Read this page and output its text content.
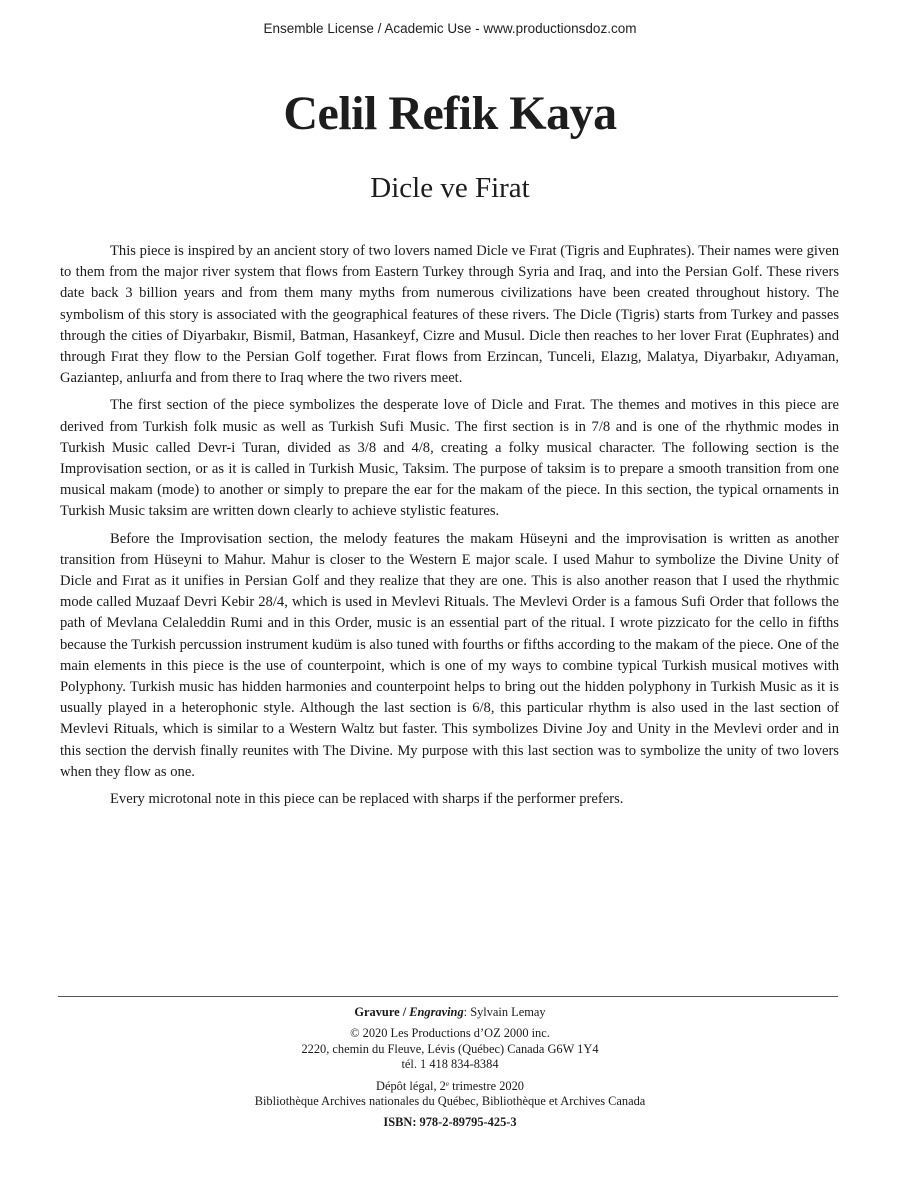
Ensemble License / Academic Use - www.productionsdoz.com
Celil Refik Kaya
Dicle ve Firat

This piece is inspired by an ancient story of two lovers named Dicle ve Fırat (Tigris and Euphrates). Their names were given to them from the major river system that flows from Eastern Turkey through Syria and Iraq, and into the Persian Golf. These rivers date back 3 billion years and from them many myths from numerous civilizations have been created throughout history. The symbolism of this story is associated with the geographical features of these rivers. The Dicle (Tigris) starts from Turkey and passes through the cities of Diyarbakır, Bismil, Batman, Hasankeyf, Cizre and Musul. Dicle then reaches to her lover Fırat (Euphrates) and through Fırat they flow to the Persian Golf together. Fırat flows from Erzincan, Tunceli, Elazıg, Malatya, Diyarbakır, Adıyaman, Gaziantep, anlıurfa and from there to Iraq where the two rivers meet.

The first section of the piece symbolizes the desperate love of Dicle and Fırat. The themes and motives in this piece are derived from Turkish folk music as well as Turkish Sufi Music. The first section is in 7/8 and is one of the rhythmic modes in Turkish Music called Devr-i Turan, divided as 3/8 and 4/8, creating a folky musical character. The following section is the Improvisation section, or as it is called in Turkish Music, Taksim. The purpose of taksim is to prepare a smooth transition from one musical makam (mode) to another or simply to prepare the ear for the makam of the piece. In this section, the typical ornaments in Turkish Music taksim are written down clearly to achieve stylistic features.

Before the Improvisation section, the melody features the makam Hüseyni and the improvisation is written as another transition from Hüseyni to Mahur. Mahur is closer to the Western E major scale. I used Mahur to symbolize the Divine Unity of Dicle and Fırat as it unifies in Persian Golf and they realize that they are one. This is also another reason that I used the rhythmic mode called Muzaaf Devri Kebir 28/4, which is used in Mevlevi Rituals. The Mevlevi Order is a famous Sufi Order that follows the path of Mevlana Celaleddin Rumi and in this Order, music is an essential part of the ritual. I wrote pizzicato for the cello in fifths because the Turkish percussion instrument kudüm is also tuned with fourths or fifths according to the makam of the piece. One of the main elements in this piece is the use of counterpoint, which is one of my ways to combine typical Turkish musical motives with Polyphony. Turkish music has hidden harmonies and counterpoint helps to bring out the hidden polyphony in Turkish Music as it is usually played in a heterophonic style. Although the last section is 6/8, this particular rhythm is also used in the last section of Mevlevi Rituals, which is similar to a Western Waltz but faster. This symbolizes Divine Joy and Unity in the Mevlevi order and in this section the dervish finally reunites with The Divine. My purpose with this last section was to symbolize the unity of two lovers when they flow as one.

Every microtonal note in this piece can be replaced with sharps if the performer prefers.

Gravure / Engraving: Sylvain Lemay
© 2020 Les Productions d’OZ 2000 inc.
2220, chemin du Fleuve, Lévis (Québec) Canada G6W 1Y4
tél. 1 418 834-8384
Dépôt légal, 2e trimestre 2020
Bibliothèque Archives nationales du Québec, Bibliothèque et Archives Canada
ISBN: 978-2-89795-425-3
